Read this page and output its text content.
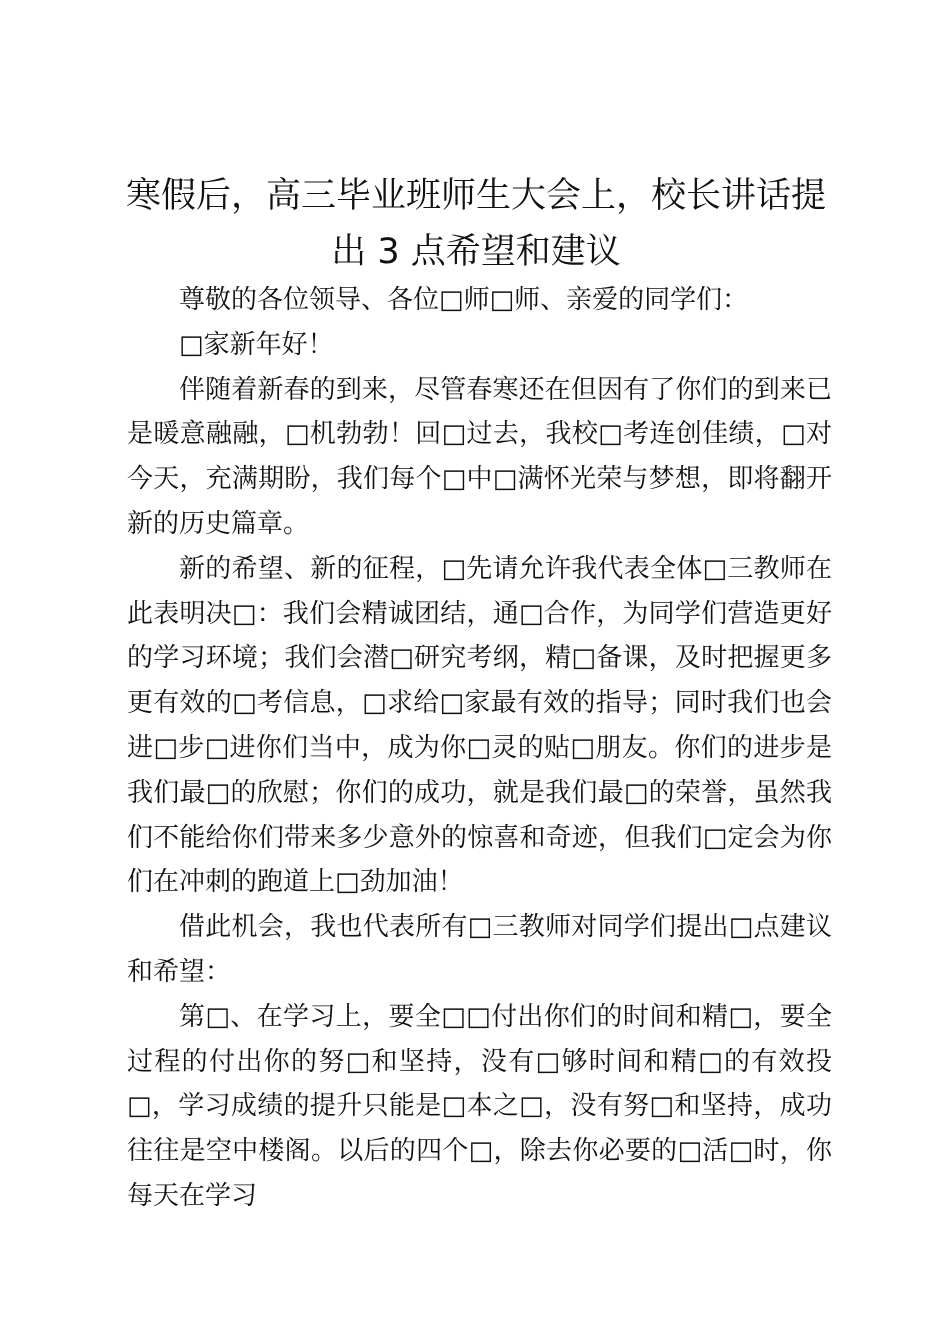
寒假后，高三毕业班师生大会上，校长讲话提出 3 点希望和建议

尊敬的各位领导、各位□师□师、亲爱的同学们：

□家新年好！

伴随着新春的到来，尽管春寒还在但因有了你们的到来已是暖意融融，□机勃勃！回□过去，我校□考连创佳绩，□对今天，充满期盼，我们每个□中□满怀光荣与梦想，即将翻开新的历史篇章。

新的希望、新的征程，□先请允许我代表全体□三教师在此表明决□：我们会精诚团结，通□合作，为同学们营造更好的学习环境；我们会潜□研究考纲，精□备课，及时把握更多更有效的□考信息，□求给□家最有效的指导；同时我们也会进□步□进你们当中，成为你□灵的贴□朋友。你们的进步是我们最□的欣慰；你们的成功，就是我们最□的荣誉，虽然我们不能给你们带来多少意外的惊喜和奇迹，但我们□定会为你们在冲刺的跑道上□劲加油！

借此机会，我也代表所有□三教师对同学们提出□点建议和希望：

第□、在学习上，要全□□付出你们的时间和精□，要全过程的付出你的努□和坚持，没有□够时间和精□的有效投□，学习成绩的提升只能是□本之□，没有努□和坚持，成功往往是空中楼阁。以后的四个□，除去你必要的□活□时，你每天在学习
